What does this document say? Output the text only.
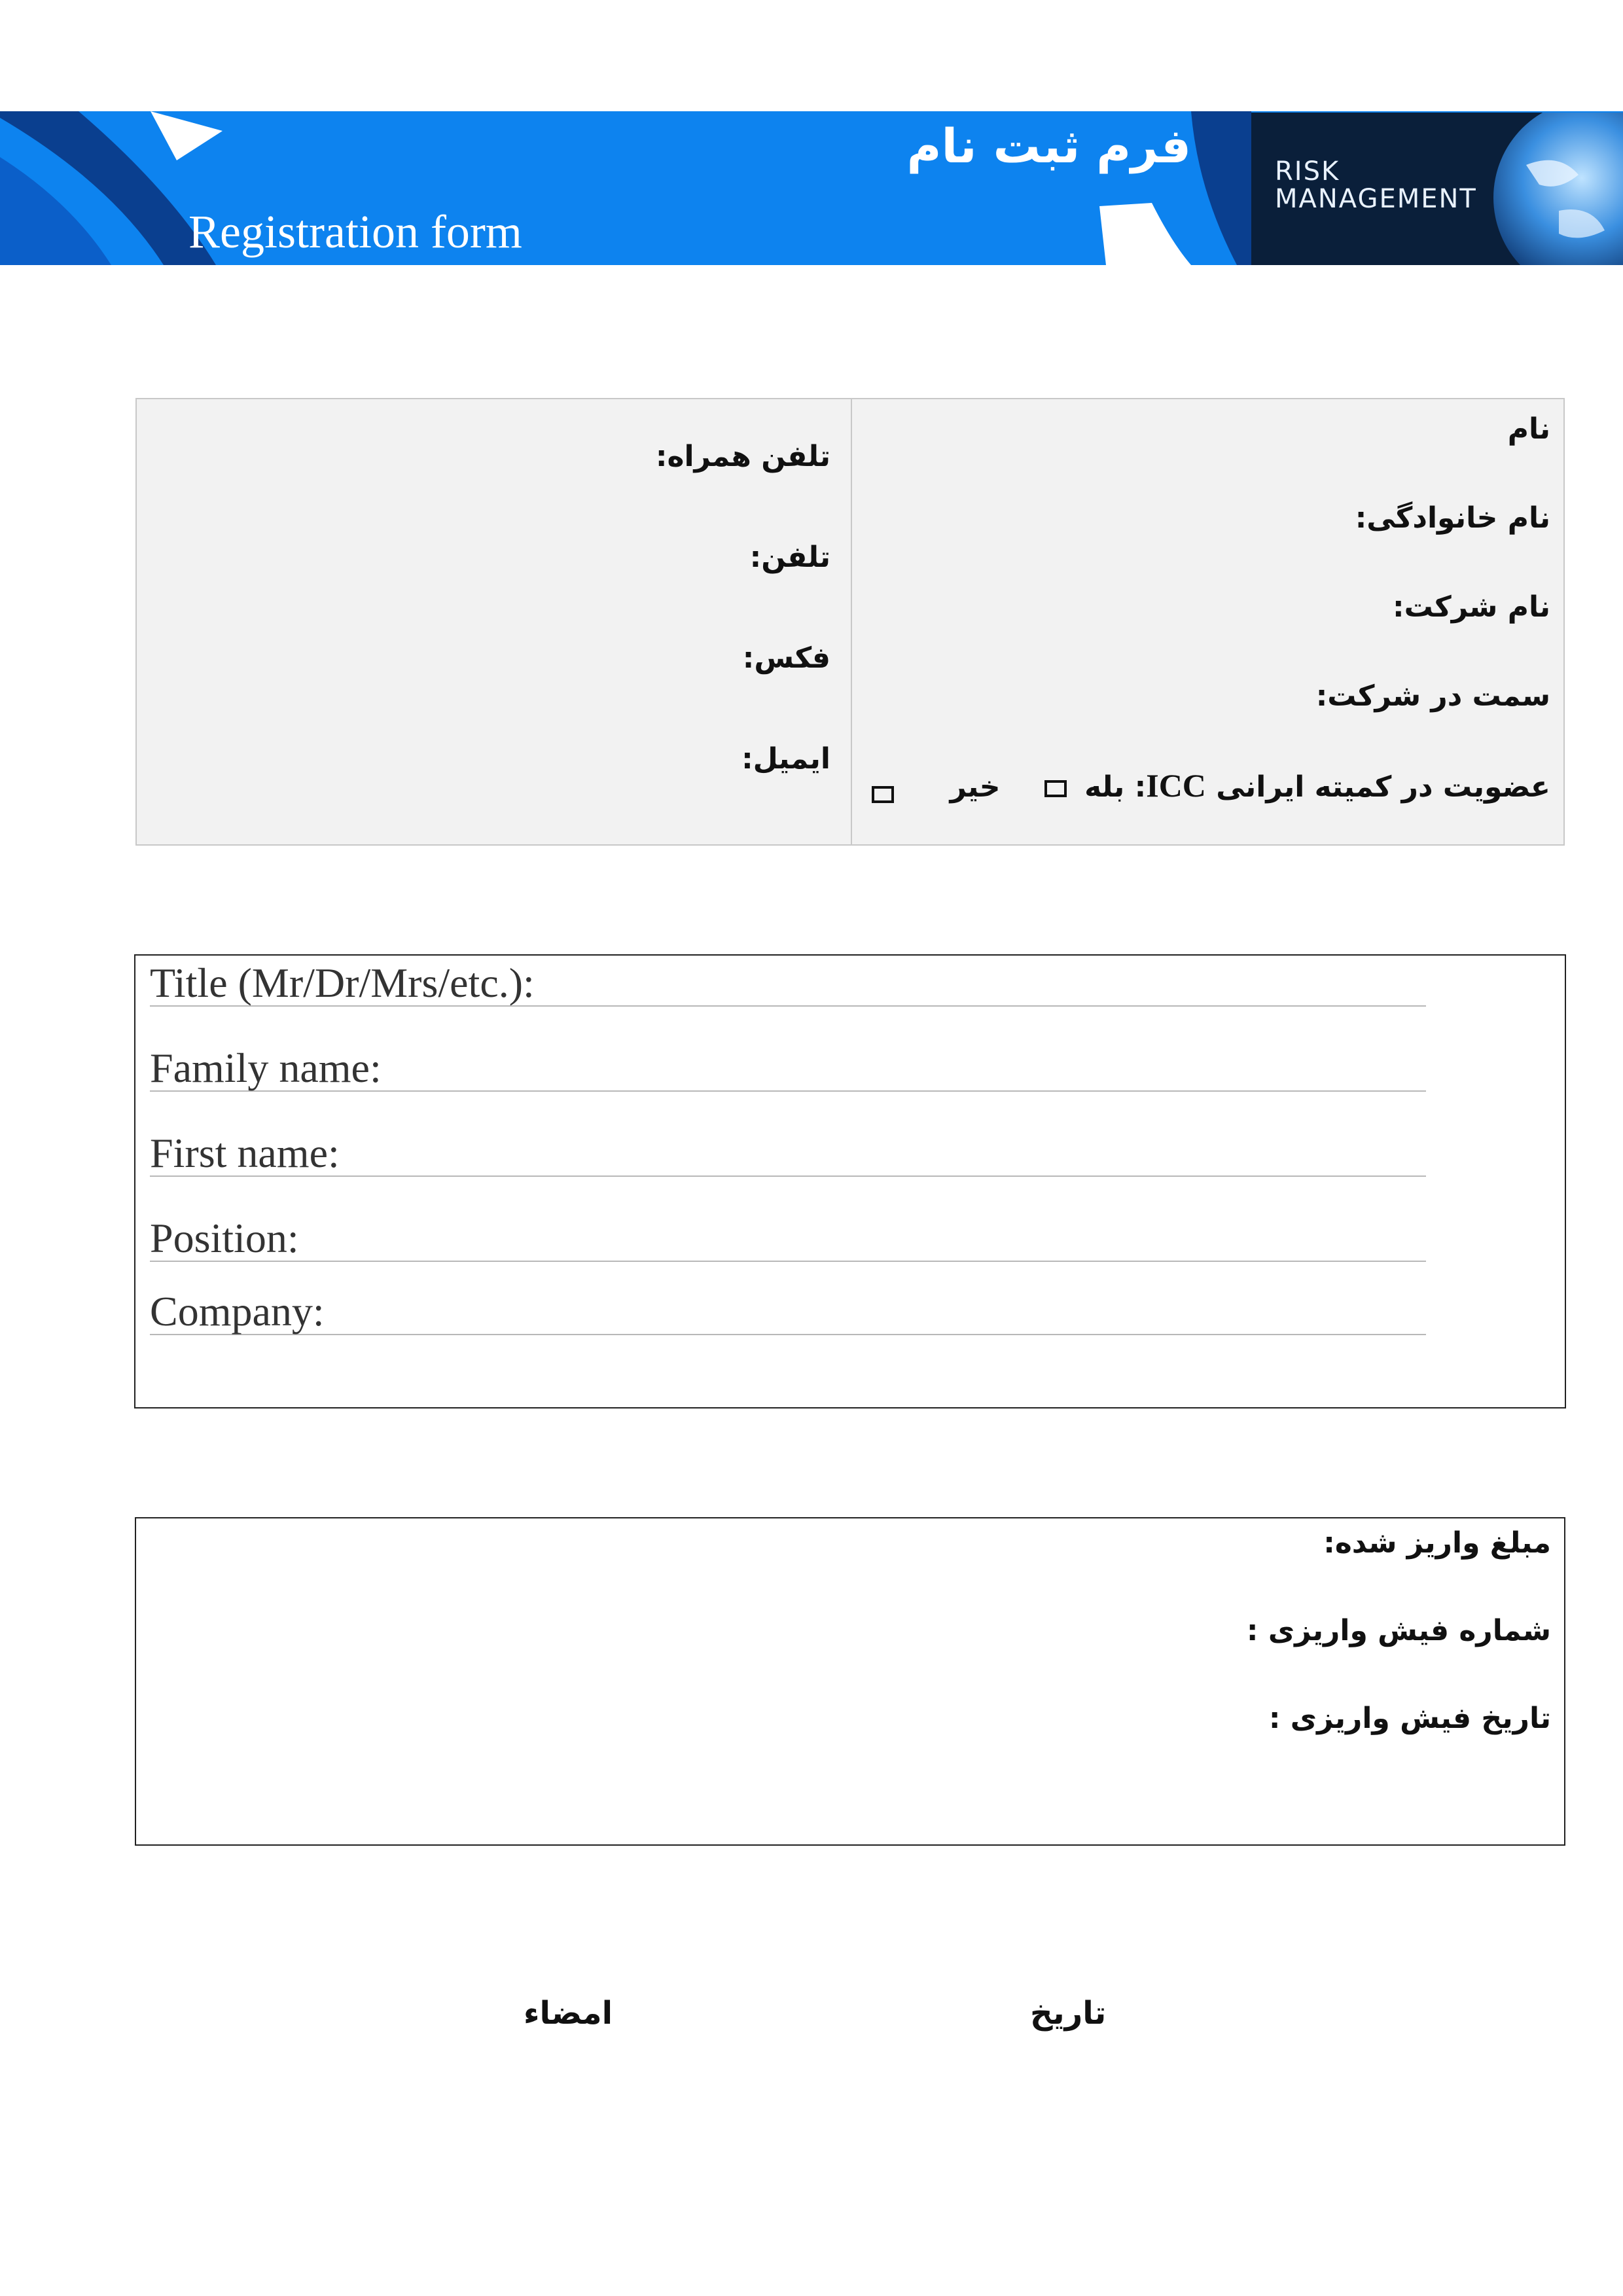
Registration form
فرم ثبت نام	RISK
MANAGEMENT
نام
نام خانوادگی:
نام شرکت:
سمت در شرکت:
عضویت در کمیته ایرانی ICC: بله  خیر
تلفن همراه:
تلفن:
فکس:
ایمیل:
Title (Mr/Dr/Mrs/etc.):
Family name:
First name:
Position:
Company:
مبلغ واریز شده:
شماره فیش واریزی :
تاریخ فیش واریزی :
امضاء	تاریخ
